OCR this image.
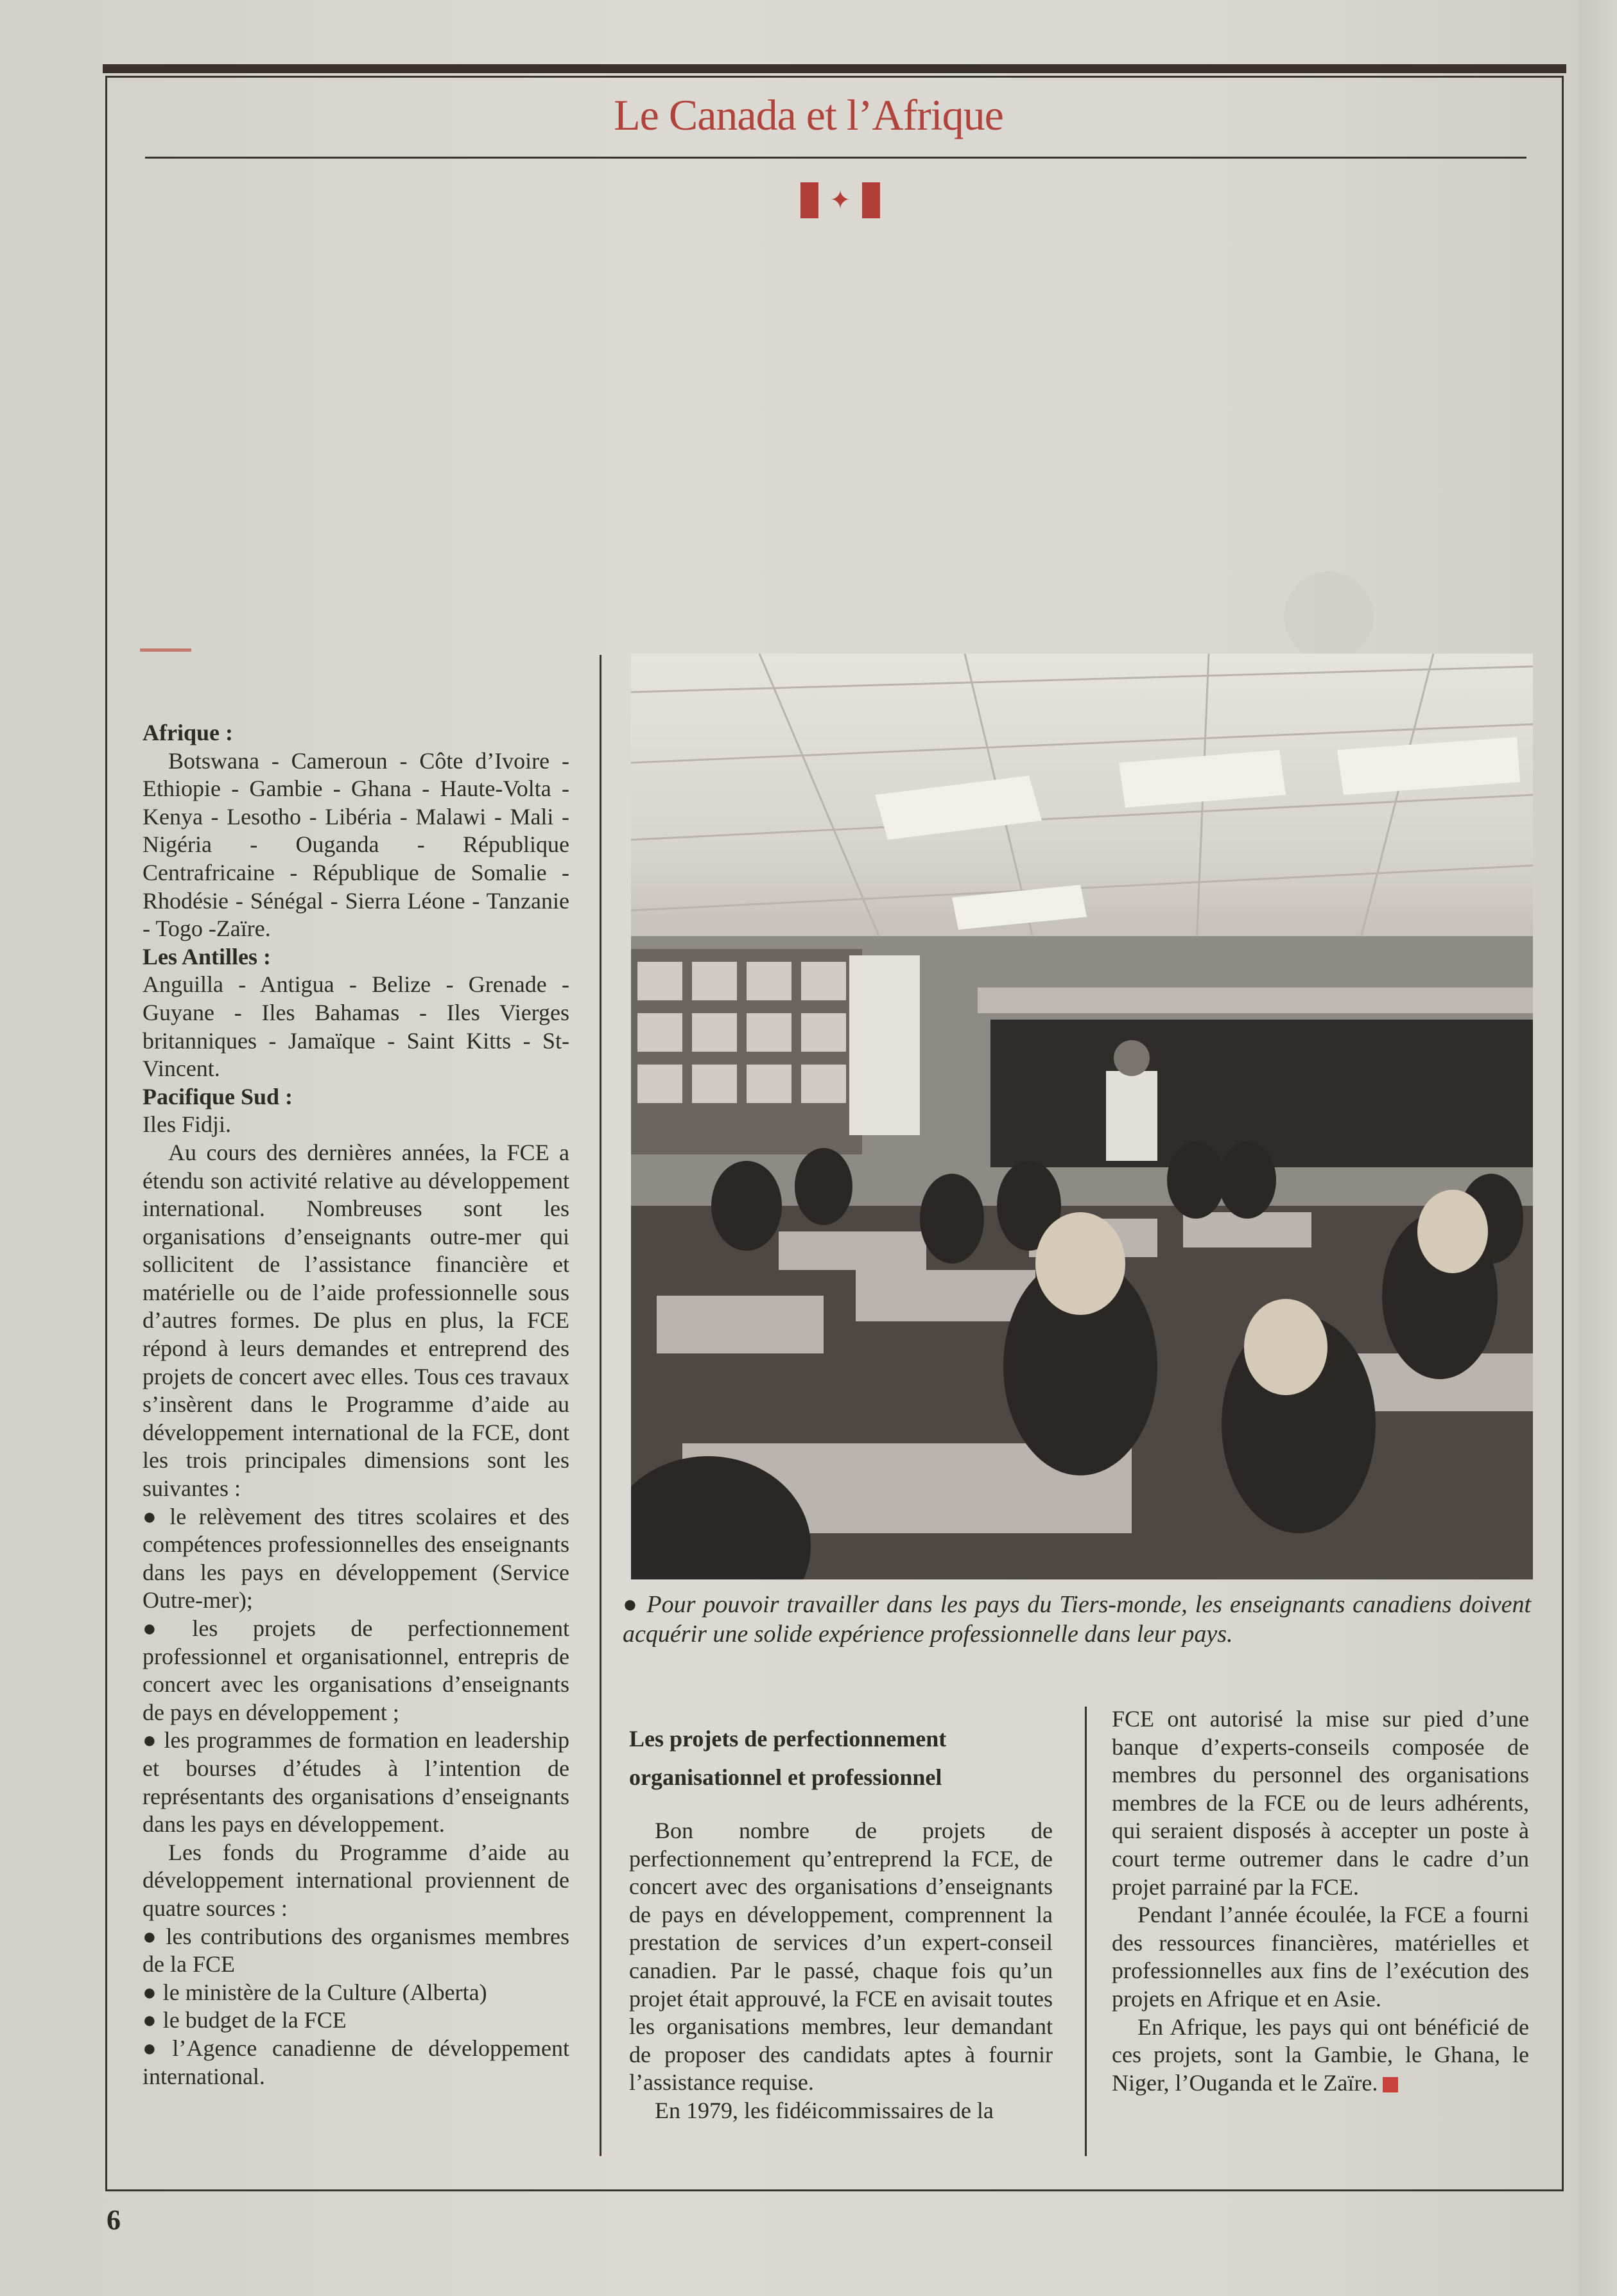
Le Canada et l’Afrique
✦

Afrique :

Botswana - Cameroun - Côte d’Ivoire - Ethiopie - Gambie - Ghana - Haute-Volta - Kenya - Lesotho - Libéria - Malawi - Mali - Nigéria - Ouganda - République Centrafricaine - République de Somalie - Rhodésie - Sénégal - Sierra Léone - Tanzanie - Togo -Zaïre.

Les Antilles :

Anguilla - Antigua - Belize - Grenade - Guyane - Iles Bahamas - Iles Vierges britanniques - Jamaïque - Saint Kitts - St-Vincent.

Pacifique Sud :

Iles Fidji.

Au cours des dernières années, la FCE a étendu son activité relative au développement international. Nombreuses sont les organisations d’enseignants outre-mer qui sollicitent de l’assistance financière et matérielle ou de l’aide professionnelle sous d’autres formes. De plus en plus, la FCE répond à leurs demandes et entreprend des projets de concert avec elles. Tous ces travaux s’insèrent dans le Programme d’aide au développement international de la FCE, dont les trois principales dimensions sont les suivantes :

● le relèvement des titres scolaires et des compétences professionnelles des enseignants dans les pays en développement (Service Outre-mer);

● les projets de perfectionnement professionnel et organisationnel, entrepris de concert avec les organisations d’enseignants de pays en développement ;

● les programmes de formation en leadership et bourses d’études à l’intention de représentants des organisations d’enseignants dans les pays en développement.

Les fonds du Programme d’aide au développement international proviennent de quatre sources :

● les contributions des organismes membres de la FCE

● le ministère de la Culture (Alberta)

● le budget de la FCE

● l’Agence canadienne de développement international.

● Pour pouvoir travailler dans les pays du Tiers-monde, les enseignants canadiens doivent acquérir une solide expérience professionnelle dans leur pays.

Les projets de perfectionnement organisationnel et professionnel

Bon nombre de projets de perfectionnement qu’entreprend la FCE, de concert avec des organisations d’enseignants de pays en développement, comprennent la prestation de services d’un expert-conseil canadien. Par le passé, chaque fois qu’un projet était approuvé, la FCE en avisait toutes les organisations membres, leur demandant de proposer des candidats aptes à fournir l’assistance requise.

En 1979, les fidéicommissaires de la

FCE ont autorisé la mise sur pied d’une banque d’experts-conseils composée de membres du personnel des organisations membres de la FCE ou de leurs adhérents, qui seraient disposés à accepter un poste à court terme outremer dans le cadre d’un projet parrainé par la FCE.

Pendant l’année écoulée, la FCE a fourni des ressources financières, matérielles et professionnelles aux fins de l’exécution des projets en Afrique et en Asie.

En Afrique, les pays qui ont bénéficié de ces projets, sont la Gambie, le Ghana, le Niger, l’Ouganda et le Zaïre.

6
